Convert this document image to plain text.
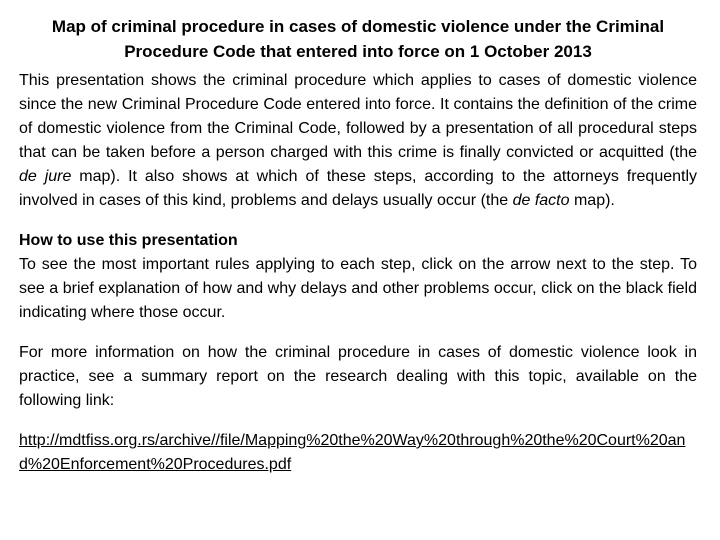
Map of criminal procedure in cases of domestic violence under the Criminal Procedure Code that entered into force on 1 October 2013

This presentation shows the criminal procedure which applies to cases of domestic violence since the new Criminal Procedure Code entered into force. It contains the definition of the crime of domestic violence from the Criminal Code, followed by a presentation of all procedural steps that can be taken before a person charged with this crime is finally convicted or acquitted (the de jure map). It also shows at which of these steps, according to the attorneys frequently involved in cases of this kind, problems and delays usually occur (the de facto map).

How to use this presentation

To see the most important rules applying to each step, click on the arrow next to the step. To see a brief explanation of how and why delays and other problems occur, click on the black field indicating where those occur.

For more information on how the criminal procedure in cases of domestic violence look in practice, see a summary report on the research dealing with this topic, available on the following link:

http://mdtfiss.org.rs/archive//file/Mapping%20the%20Way%20through%20the%20Court%20and%20Enforcement%20Procedures.pdf
